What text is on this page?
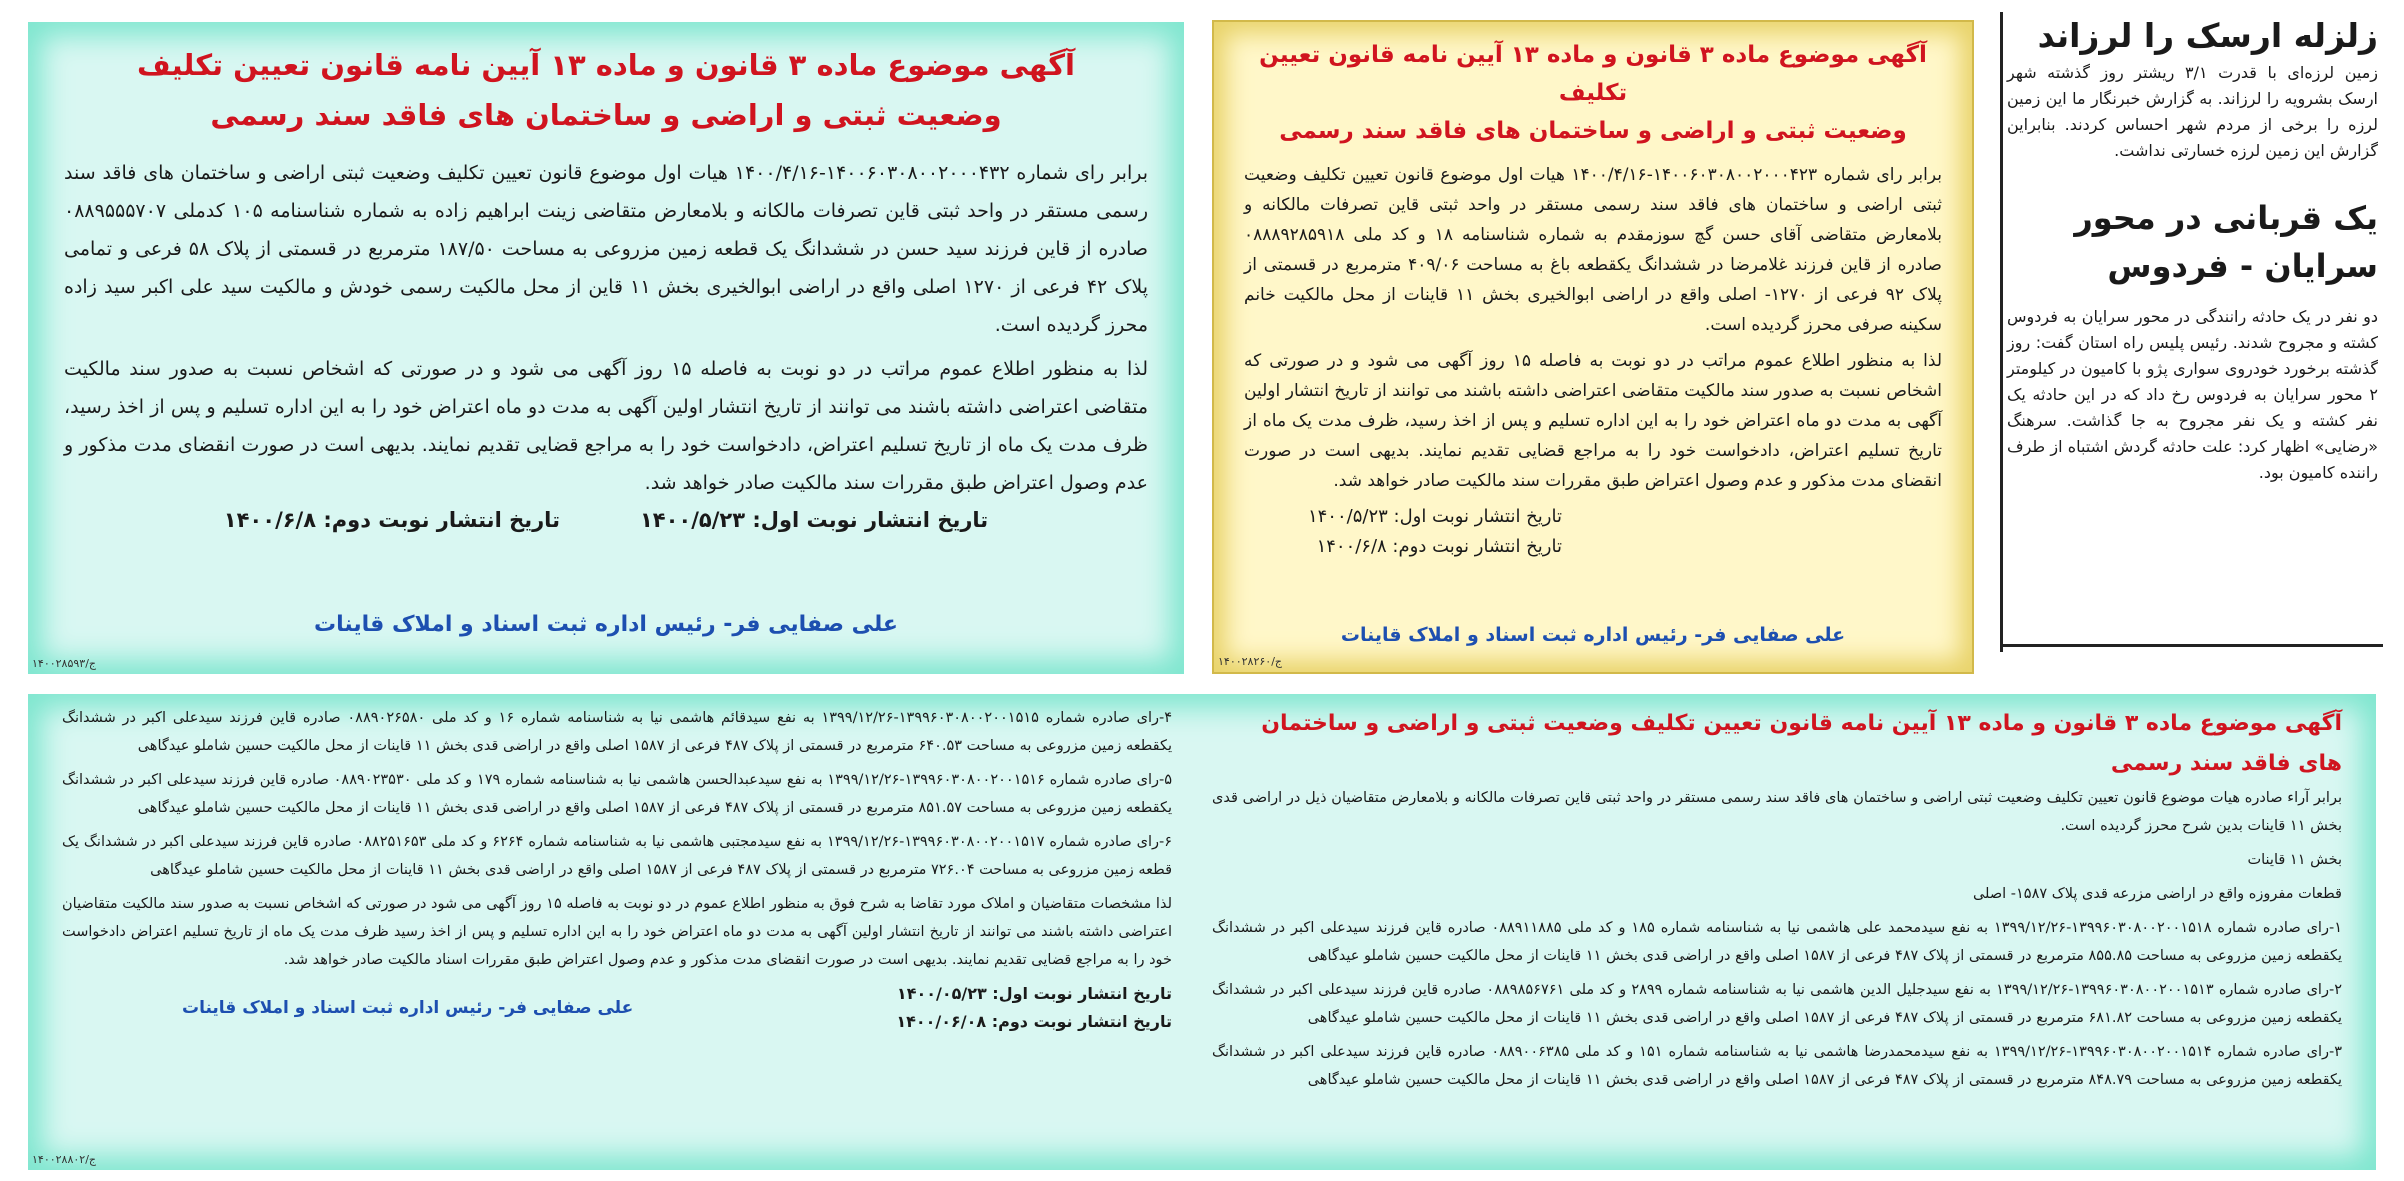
آگهی موضوع ماده ۳ قانون و ماده ۱۳ آیین نامه قانون تعیین تکلیف
وضعیت ثبتی و اراضی و ساختمان های فاقد سند رسمی

برابر رای شماره ۱۴۰۰۶۰۳۰۸۰۰۲۰۰۰۴۳۲-۱۴۰۰/۴/۱۶ هیات اول موضوع قانون تعیین تکلیف وضعیت ثبتی اراضی و ساختمان های فاقد سند رسمی مستقر در واحد ثبتی قاین تصرفات مالکانه و بلامعارض متقاضی زینت ابراهیم زاده به شماره شناسنامه ۱۰۵ کدملی ۰۸۸۹۵۵۵۷۰۷ صادره از قاین فرزند سید حسن در ششدانگ یک قطعه زمین مزروعی به مساحت ۱۸۷/۵۰ مترمربع در قسمتی از پلاک ۵۸ فرعی و تمامی پلاک ۴۲ فرعی از ۱۲۷۰ اصلی واقع در اراضی ابوالخیری بخش ۱۱ قاین از محل مالکیت رسمی خودش و مالکیت سید علی اکبر سید زاده محرز گردیده است.

لذا به منظور اطلاع عموم مراتب در دو نوبت به فاصله ۱۵ روز آگهی می شود و در صورتی که اشخاص نسبت به صدور سند مالکیت متقاضی اعتراضی داشته باشند می توانند از تاریخ انتشار اولین آگهی به مدت دو ماه اعتراض خود را به این اداره تسلیم و پس از اخذ رسید، ظرف مدت یک ماه از تاریخ تسلیم اعتراض، دادخواست خود را به مراجع قضایی تقدیم نمایند. بدیهی است در صورت انقضای مدت مذکور و عدم وصول اعتراض طبق مقررات سند مالکیت صادر خواهد شد.

تاریخ انتشار نوبت اول: ۱۴۰۰/۵/۲۳
تاریخ انتشار نوبت دوم: ۱۴۰۰/۶/۸
علی صفایی فر- رئیس اداره ثبت اسناد و املاک قاینات
ج/۱۴۰۰۲۸۵۹۳
آگهی موضوع ماده ۳ قانون و ماده ۱۳ آیین نامه قانون تعیین تکلیف
وضعیت ثبتی و اراضی و ساختمان های فاقد سند رسمی

برابر رای شماره ۱۴۰۰۶۰۳۰۸۰۰۲۰۰۰۴۲۳-۱۴۰۰/۴/۱۶ هیات اول موضوع قانون تعیین تکلیف وضعیت ثبتی اراضی و ساختمان های فاقد سند رسمی مستقر در واحد ثبتی قاین تصرفات مالکانه و بلامعارض متقاضی آقای حسن گچ سوزمقدم به شماره شناسنامه ۱۸ و کد ملی ۰۸۸۸۹۲۸۵۹۱۸ صادره از قاین فرزند غلامرضا در ششدانگ یکقطعه باغ به مساحت ۴۰۹/۰۶ مترمربع در قسمتی از پلاک ۹۲ فرعی از ۱۲۷۰- اصلی واقع در اراضی ابوالخیری بخش ۱۱ قاینات از محل مالکیت خانم سکینه صرفی محرز گردیده است.

لذا به منظور اطلاع عموم مراتب در دو نوبت به فاصله ۱۵ روز آگهی می شود و در صورتی که اشخاص نسبت به صدور سند مالکیت متقاضی اعتراضی داشته باشند می توانند از تاریخ انتشار اولین آگهی به مدت دو ماه اعتراض خود را به این اداره تسلیم و پس از اخذ رسید، ظرف مدت یک ماه از تاریخ تسلیم اعتراض، دادخواست خود را به مراجع قضایی تقدیم نمایند. بدیهی است در صورت انقضای مدت مذکور و عدم وصول اعتراض طبق مقررات سند مالکیت صادر خواهد شد.

تاریخ انتشار نوبت اول: ۱۴۰۰/۵/۲۳
تاریخ انتشار نوبت دوم: ۱۴۰۰/۶/۸
علی صفایی فر- رئیس اداره ثبت اسناد و املاک قاینات
ج/۱۴۰۰۲۸۲۶۰
زلزله ارسک را لرزاند

زمین لرزه‌ای با قدرت ۳/۱ ریشتر روز گذشته شهر ارسک بشرویه را لرزاند. به گزارش خبرنگار ما این زمین لرزه را برخی از مردم شهر احساس کردند. بنابراین گزارش این زمین لرزه خسارتی نداشت.

یک قربانی در محور
سرایان - فردوس

دو نفر در یک حادثه رانندگی در محور سرایان به فردوس کشته و مجروح شدند. رئیس پلیس راه استان گفت: روز گذشته برخورد خودروی سواری پژو با کامیون در کیلومتر ۲ محور سرایان به فردوس رخ داد که در این حادثه یک نفر کشته و یک نفر مجروح به جا گذاشت. سرهنگ «رضایی» اظهار کرد: علت حادثه گردش اشتباه از طرف راننده کامیون بود.

آگهی موضوع ماده ۳ قانون و ماده ۱۳ آیین نامه قانون تعیین تکلیف وضعیت ثبتی و اراضی و ساختمان های فاقد سند رسمی

برابر آراء صادره هیات موضوع قانون تعیین تکلیف وضعیت ثبتی اراضی و ساختمان های فاقد سند رسمی مستقر در واحد ثبتی قاین تصرفات مالکانه و بلامعارض متقاضیان ذیل در اراضی قدی بخش ۱۱ قاینات بدین شرح محرز گردیده است.

بخش ۱۱ قاینات

قطعات مفروزه واقع در اراضی مزرعه قدی پلاک ۱۵۸۷- اصلی

۱-رای صادره شماره ۱۳۹۹۶۰۳۰۸۰۰۲۰۰۱۵۱۸-۱۳۹۹/۱۲/۲۶ به نفع سیدمحمد علی هاشمی نیا به شناسنامه شماره ۱۸۵ و کد ملی ۰۸۸۹۱۱۸۸۵ صادره قاین فرزند سیدعلی اکبر در ششدانگ یکقطعه زمین مزروعی به مساحت ۸۵۵.۸۵ مترمربع در قسمتی از پلاک ۴۸۷ فرعی از ۱۵۸۷ اصلی واقع در اراضی قدی بخش ۱۱ قاینات از محل مالکیت حسین شاملو عیدگاهی

۲-رای صادره شماره ۱۳۹۹۶۰۳۰۸۰۰۲۰۰۱۵۱۳-۱۳۹۹/۱۲/۲۶ به نفع سیدجلیل الدین هاشمی نیا به شناسنامه شماره ۲۸۹۹ و کد ملی ۰۸۸۹۸۵۶۷۶۱ صادره قاین فرزند سیدعلی اکبر در ششدانگ یکقطعه زمین مزروعی به مساحت ۶۸۱.۸۲ مترمربع در قسمتی از پلاک ۴۸۷ فرعی از ۱۵۸۷ اصلی واقع در اراضی قدی بخش ۱۱ قاینات از محل مالکیت حسین شاملو عیدگاهی

۳-رای صادره شماره ۱۳۹۹۶۰۳۰۸۰۰۲۰۰۱۵۱۴-۱۳۹۹/۱۲/۲۶ به نفع سیدمحمدرضا هاشمی نیا به شناسنامه شماره ۱۵۱ و کد ملی ۰۸۸۹۰۰۶۳۸۵ صادره قاین فرزند سیدعلی اکبر در ششدانگ یکقطعه زمین مزروعی به مساحت ۸۴۸.۷۹ مترمربع در قسمتی از پلاک ۴۸۷ فرعی از ۱۵۸۷ اصلی واقع در اراضی قدی بخش ۱۱ قاینات از محل مالکیت حسین شاملو عیدگاهی

۴-رای صادره شماره ۱۳۹۹۶۰۳۰۸۰۰۲۰۰۱۵۱۵-۱۳۹۹/۱۲/۲۶ به نفع سیدقائم هاشمی نیا به شناسنامه شماره ۱۶ و کد ملی ۰۸۸۹۰۲۶۵۸۰ صادره قاین فرزند سیدعلی اکبر در ششدانگ یکقطعه زمین مزروعی به مساحت ۶۴۰.۵۳ مترمربع در قسمتی از پلاک ۴۸۷ فرعی از ۱۵۸۷ اصلی واقع در اراضی قدی بخش ۱۱ قاینات از محل مالکیت حسین شاملو عیدگاهی

۵-رای صادره شماره ۱۳۹۹۶۰۳۰۸۰۰۲۰۰۱۵۱۶-۱۳۹۹/۱۲/۲۶ به نفع سیدعبدالحسن هاشمی نیا به شناسنامه شماره ۱۷۹ و کد ملی ۰۸۸۹۰۲۳۵۳۰ صادره قاین فرزند سیدعلی اکبر در ششدانگ یکقطعه زمین مزروعی به مساحت ۸۵۱.۵۷ مترمربع در قسمتی از پلاک ۴۸۷ فرعی از ۱۵۸۷ اصلی واقع در اراضی قدی بخش ۱۱ قاینات از محل مالکیت حسین شاملو عیدگاهی

۶-رای صادره شماره ۱۳۹۹۶۰۳۰۸۰۰۲۰۰۱۵۱۷-۱۳۹۹/۱۲/۲۶ به نفع سیدمجتبی هاشمی نیا به شناسنامه شماره ۶۲۶۴ و کد ملی ۰۸۸۲۵۱۶۵۳ صادره قاین فرزند سیدعلی اکبر در ششدانگ یک قطعه زمین مزروعی به مساحت ۷۲۶.۰۴ مترمربع در قسمتی از پلاک ۴۸۷ فرعی از ۱۵۸۷ اصلی واقع در اراضی قدی بخش ۱۱ قاینات از محل مالکیت حسین شاملو عیدگاهی

لذا مشخصات متقاضیان و املاک مورد تقاضا به شرح فوق به منظور اطلاع عموم در دو نوبت به فاصله ۱۵ روز آگهی می شود در صورتی که اشخاص نسبت به صدور سند مالکیت متقاضیان اعتراضی داشته باشند می توانند از تاریخ انتشار اولین آگهی به مدت دو ماه اعتراض خود را به این اداره تسلیم و پس از اخذ رسید ظرف مدت یک ماه از تاریخ تسلیم اعتراض دادخواست خود را به مراجع قضایی تقدیم نمایند. بدیهی است در صورت انقضای مدت مذکور و عدم وصول اعتراض طبق مقررات اسناد مالکیت صادر خواهد شد.

تاریخ انتشار نوبت اول: ۱۴۰۰/۰۵/۲۳
تاریخ انتشار نوبت دوم: ۱۴۰۰/۰۶/۰۸
علی صفایی فر- رئیس اداره ثبت اسناد و املاک قاینات
ج/۱۴۰۰۲۸۸۰۲
